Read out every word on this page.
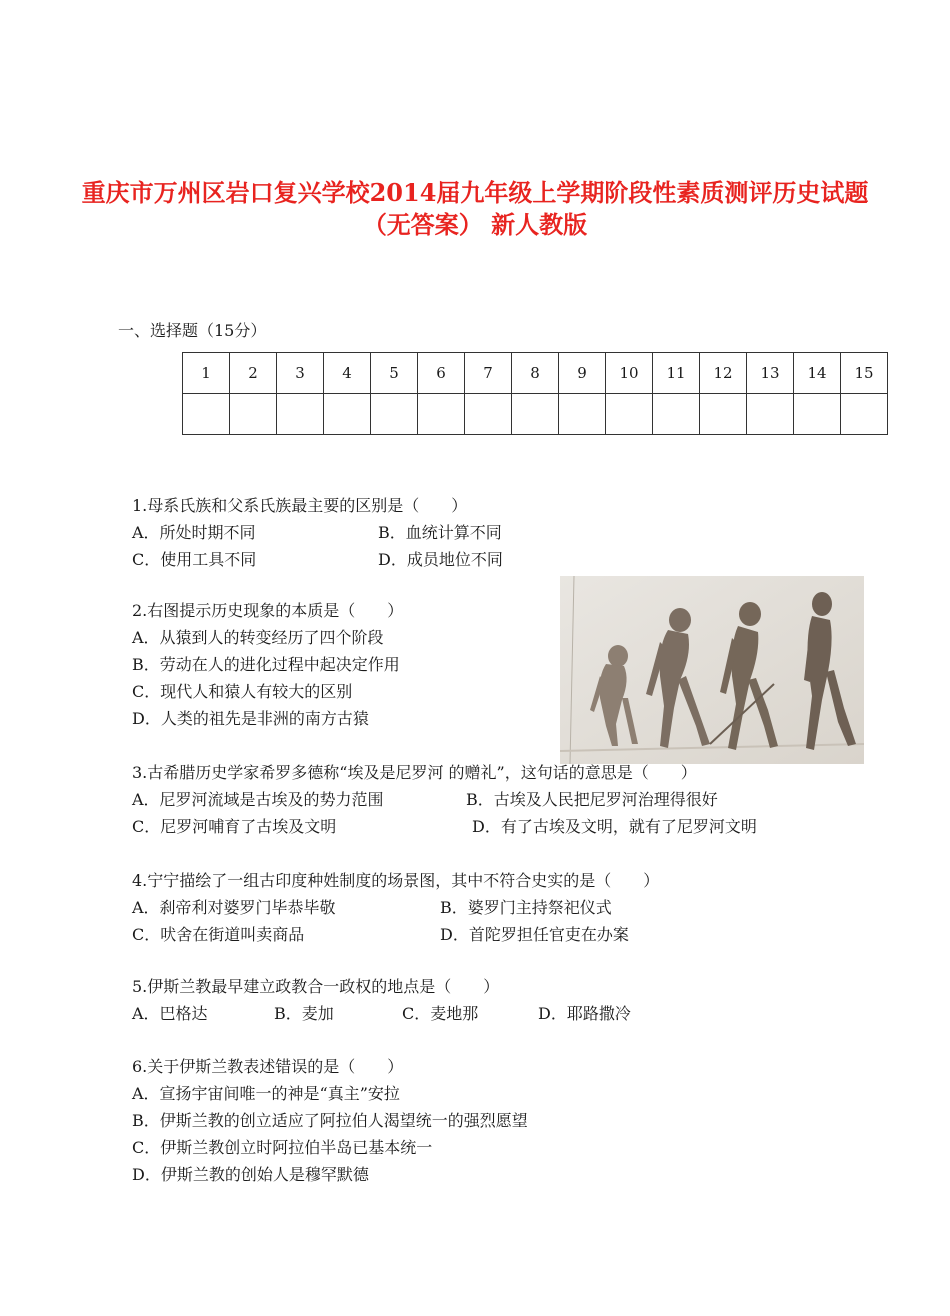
重庆市万州区岩口复兴学校2014届九年级上学期阶段性素质测评历史试题
（无答案） 新人教版
一、选择题（15分）
1	2	3	4	5	6	7	8	9	10	11	12	13	14	15

1.母系氏族和父系氏族最主要的区别是（　　）
A．所处时期不同	B．血统计算不同
C．使用工具不同	D．成员地位不同
2.右图提示历史现象的本质是（　　）
A．从猿到人的转变经历了四个阶段
B．劳动在人的进化过程中起决定作用
C．现代人和猿人有较大的区别
D．人类的祖先是非洲的南方古猿
3.古希腊历史学家希罗多德称“埃及是尼罗河 的赠礼”，这句话的意思是（　　）
A．尼罗河流域是古埃及的势力范围	B．古埃及人民把尼罗河治理得很好
C．尼罗河哺育了古埃及文明	D．有了古埃及文明，就有了尼罗河文明
4.宁宁描绘了一组古印度种姓制度的场景图，其中不符合史实的是（　　）
A．刹帝利对婆罗门毕恭毕敬	B．婆罗门主持祭祀仪式
C．吠舍在街道叫卖商品	D．首陀罗担任官吏在办案
5.伊斯兰教最早建立政教合一政权的地点是（　　）
A．巴格达	B．麦加	C．麦地那	D．耶路撒冷
6.关于伊斯兰教表述错误的是（　　）
A．宣扬宇宙间唯一的神是“真主”安拉
B．伊斯兰教的创立适应了阿拉伯人渴望统一的强烈愿望
C．伊斯兰教创立时阿拉伯半岛已基本统一
D．伊斯兰教的创始人是穆罕默德
